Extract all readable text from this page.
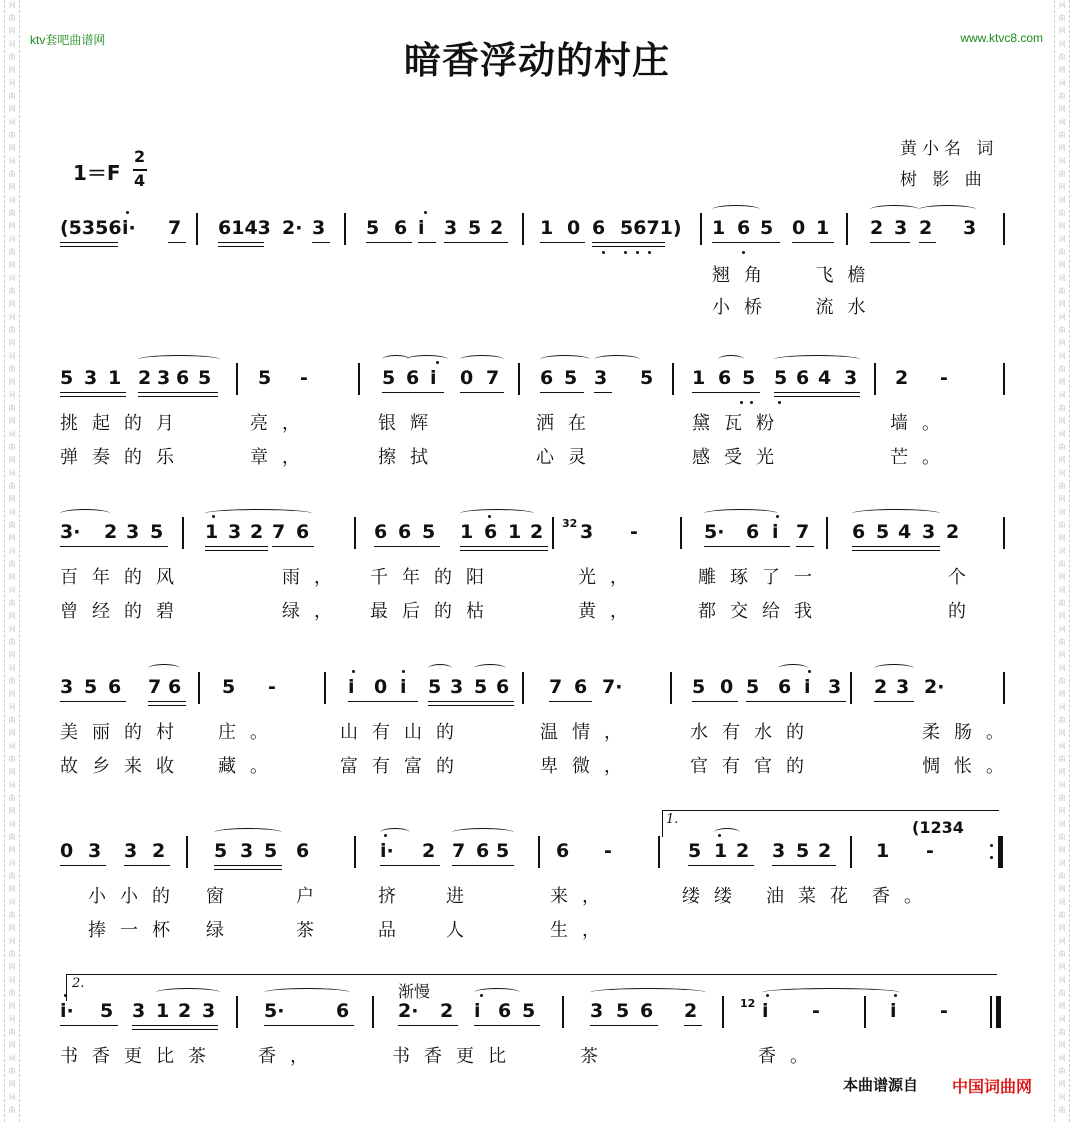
词
曲
网
词
曲
网
词
曲
网
词
曲
网
词
曲
网
词
曲
网
词
曲
网
词
曲
网
词
曲
网
词
曲
网
词
曲
网
词
曲
网
词
曲
网
词
曲
网
词
曲
网
词
曲
网
词
曲
网
词
曲
网
词
曲
网
词
曲
网
词
曲
网
词
曲
网
词
曲
网
词
曲
网
词
曲
网
词
曲
网
词
曲
网
词
曲
网
词
曲
词
曲
网
词
曲
网
词
曲
网
词
曲
网
词
曲
网
词
曲
网
词
曲
网
词
曲
网
词
曲
网
词
曲
网
词
曲
网
词
曲
网
词
曲
网
词
曲
网
词
曲
网
词
曲
网
词
曲
网
词
曲
网
词
曲
网
词
曲
网
词
曲
网
词
曲
网
词
曲
网
词
曲
网
词
曲
网
词
曲
网
词
曲
网
词
曲
网
词
曲
ktv套吧曲谱网	www.ktvc8.com
暗香浮动的村庄
1＝F
2
4
黄小名 词
树 影 曲
(5356 i· 7 6143 2· 3 5 6 i 3 5 2 1 0 6 5671) 1 6 5 0 1 2 3 2 3
翘角  飞檐
小桥  流水
5 3 1 2 3 6 5 5 -	5 6 i 0 7 6 5 3 5 1 6 5 5 6 4 3 2 -
挑起的月	亮，	银辉	洒在	黛瓦粉	墙。
弹奏的乐	章，	擦拭	心灵	感受光	芒。
3· 2 3 5 1 3 2 7 6	6 6 5 1 6 1 2 3 -	5· 6 i 7 6 5 4 3 2
百年的风	雨， 千年的阳	光，	雕琢了一	个
曾经的碧	绿， 最后的枯	黄，	都交给我	的
3 5 6 7 6 5 -	i 0 i 5 3 5 6 7 6 7·	5 0 5 6 i 3 2 3 2·
美丽的村 庄。	山有山的	温情，	水有水的	柔肠。
故乡来收 藏。	富有富的	卑微，	官有官的	惆怅。
0 3 3 2	5 3 5 6	i· 2 7 6 5 6 -	5 1 2 3 5 2 1 -
小小的 窗	户	挤 进	来，	缕缕 油菜花 香。
捧一杯 绿	茶	品 人	生，
i· 5 3 1 2 3	5·	6	2· 2 i 6 5	3 5 6 2	i -	i -
书香更比茶 香，	书香更比	茶	香。
1.
2.
(1234
32
12
渐慢
本曲谱源自 中国词曲网
